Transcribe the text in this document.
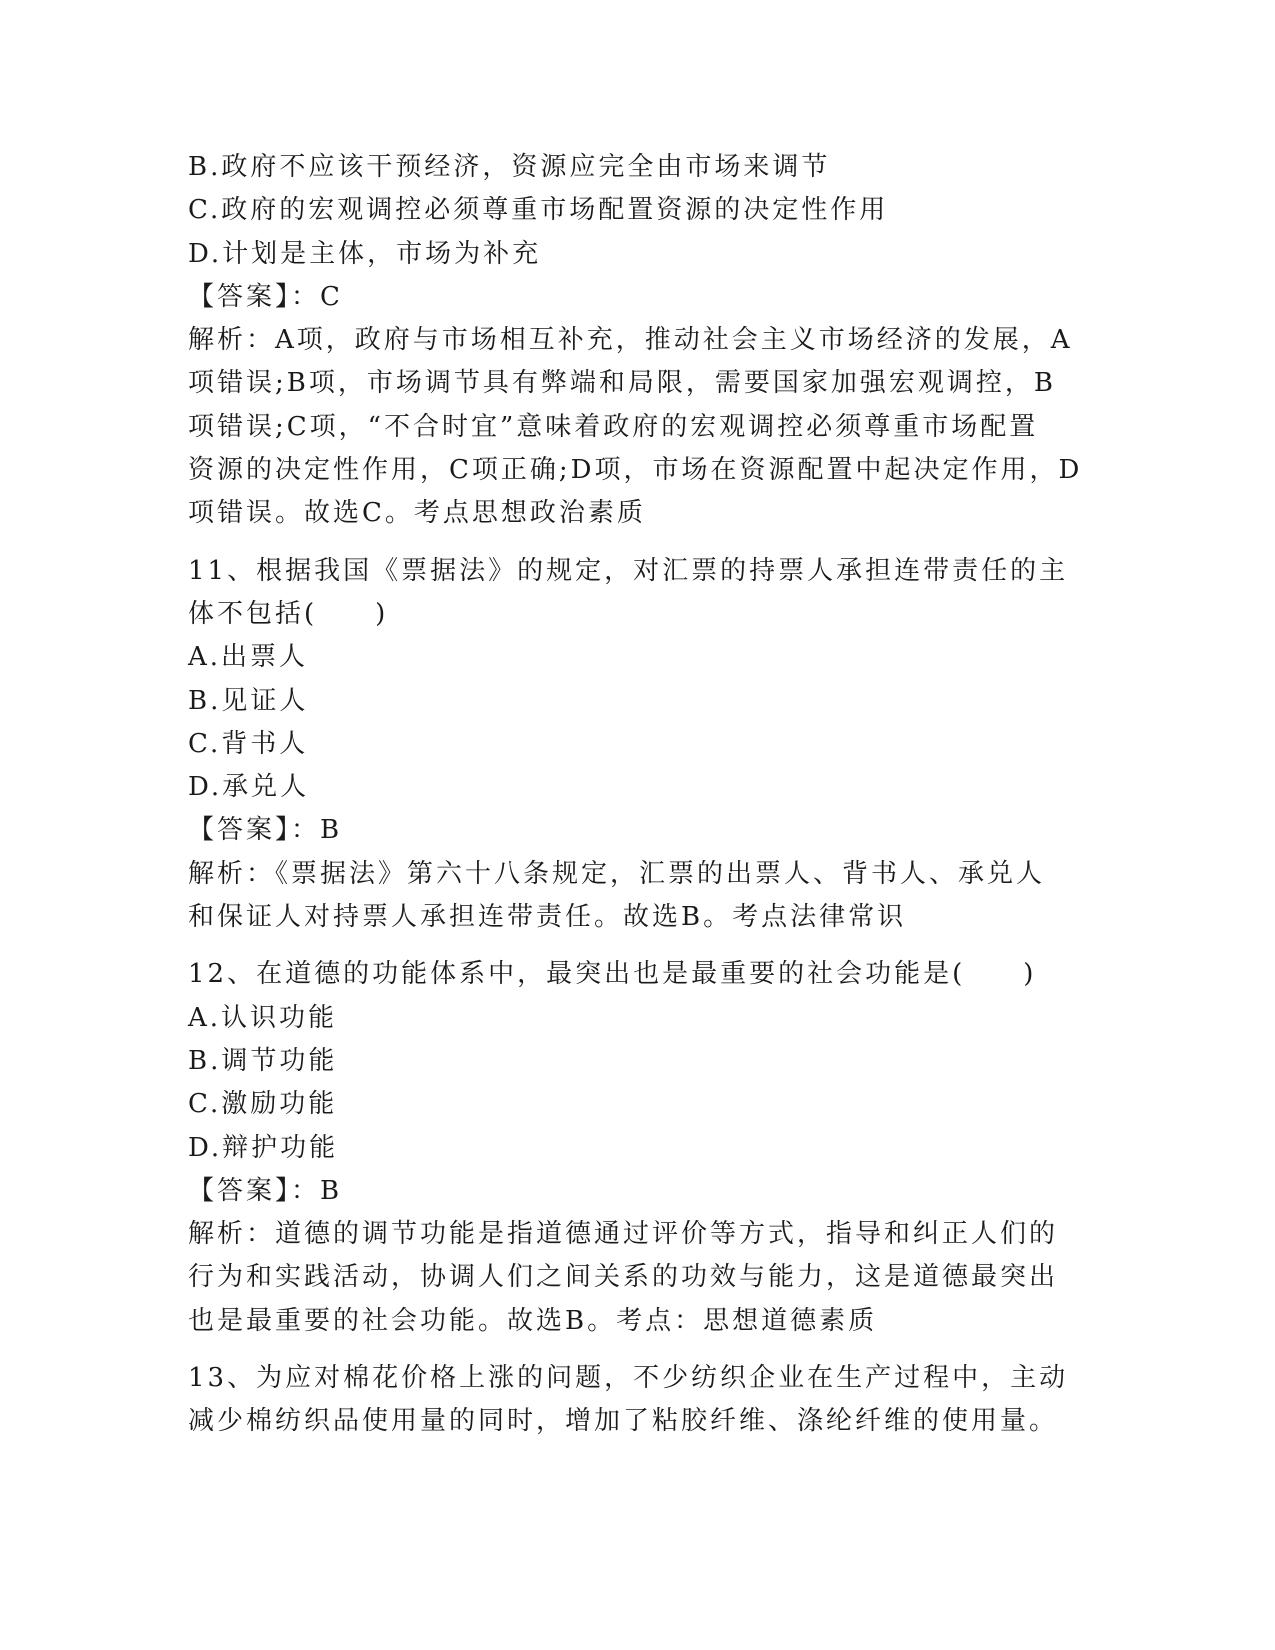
B.政府不应该干预经济，资源应完全由市场来调节

C.政府的宏观调控必须尊重市场配置资源的决定性作用

D.计划是主体，市场为补充

【答案】：C

解析：A项，政府与市场相互补充，推动社会主义市场经济的发展，A

项错误;B项，市场调节具有弊端和局限，需要国家加强宏观调控，B

项错误;C项，“不合时宜”意味着政府的宏观调控必须尊重市场配置

资源的决定性作用，C项正确;D项，市场在资源配置中起决定作用，D

项错误。故选C。考点思想政治素质

11、根据我国《票据法》的规定，对汇票的持票人承担连带责任的主

体不包括(　　)

A.出票人

B.见证人

C.背书人

D.承兑人

【答案】：B

解析：《票据法》第六十八条规定，汇票的出票人、背书人、承兑人

和保证人对持票人承担连带责任。故选B。考点法律常识

12、在道德的功能体系中，最突出也是最重要的社会功能是(　　)

A.认识功能

B.调节功能

C.激励功能

D.辩护功能

【答案】：B

解析：道德的调节功能是指道德通过评价等方式，指导和纠正人们的

行为和实践活动，协调人们之间关系的功效与能力，这是道德最突出

也是最重要的社会功能。故选B。考点：思想道德素质

13、为应对棉花价格上涨的问题，不少纺织企业在生产过程中，主动

减少棉纺织品使用量的同时，增加了粘胶纤维、涤纶纤维的使用量。
